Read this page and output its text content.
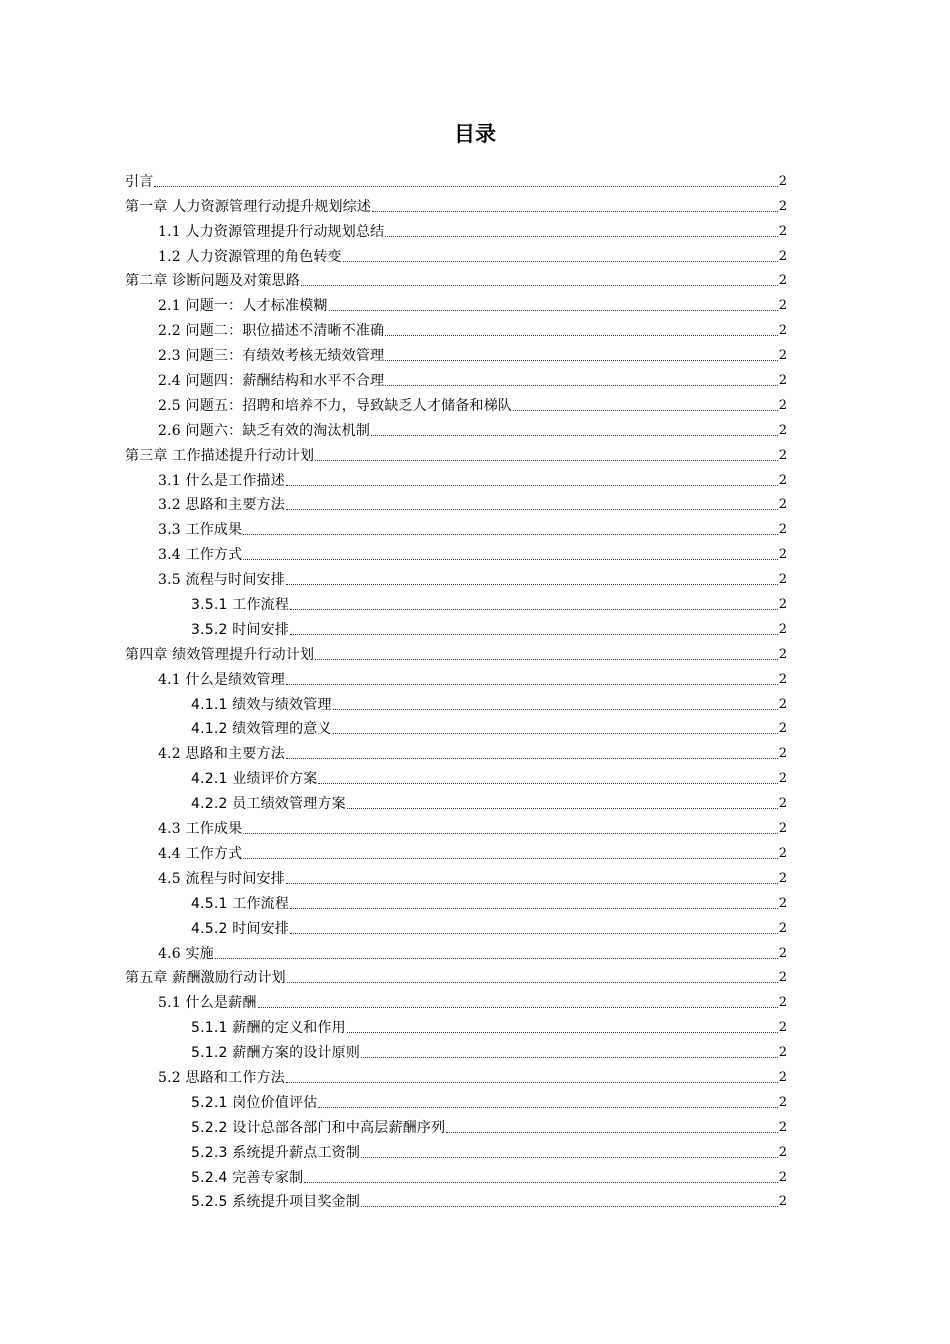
目录
引言	2
第一章 人力资源管理行动提升规划综述	2
1.1 人力资源管理提升行动规划总结	2
1.2 人力资源管理的角色转变	2
第二章 诊断问题及对策思路	2
2.1 问题一：人才标准模糊	2
2.2 问题二：职位描述不清晰不准确	2
2.3 问题三：有绩效考核无绩效管理	2
2.4 问题四：薪酬结构和水平不合理	2
2.5 问题五：招聘和培养不力，导致缺乏人才储备和梯队	2
2.6 问题六：缺乏有效的淘汰机制	2
第三章 工作描述提升行动计划	2
3.1 什么是工作描述	2
3.2 思路和主要方法	2
3.3 工作成果	2
3.4 工作方式	2
3.5 流程与时间安排	2
3.5.1 工作流程	2
3.5.2 时间安排	2
第四章 绩效管理提升行动计划	2
4.1 什么是绩效管理	2
4.1.1 绩效与绩效管理	2
4.1.2 绩效管理的意义	2
4.2 思路和主要方法	2
4.2.1 业绩评价方案	2
4.2.2 员工绩效管理方案	2
4.3 工作成果	2
4.4 工作方式	2
4.5 流程与时间安排	2
4.5.1 工作流程	2
4.5.2 时间安排	2
4.6 实施	2
第五章 薪酬激励行动计划	2
5.1 什么是薪酬	2
5.1.1 薪酬的定义和作用	2
5.1.2 薪酬方案的设计原则	2
5.2 思路和工作方法	2
5.2.1 岗位价值评估	2
5.2.2 设计总部各部门和中高层薪酬序列	2
5.2.3 系统提升薪点工资制	2
5.2.4 完善专家制	2
5.2.5 系统提升项目奖金制	2
